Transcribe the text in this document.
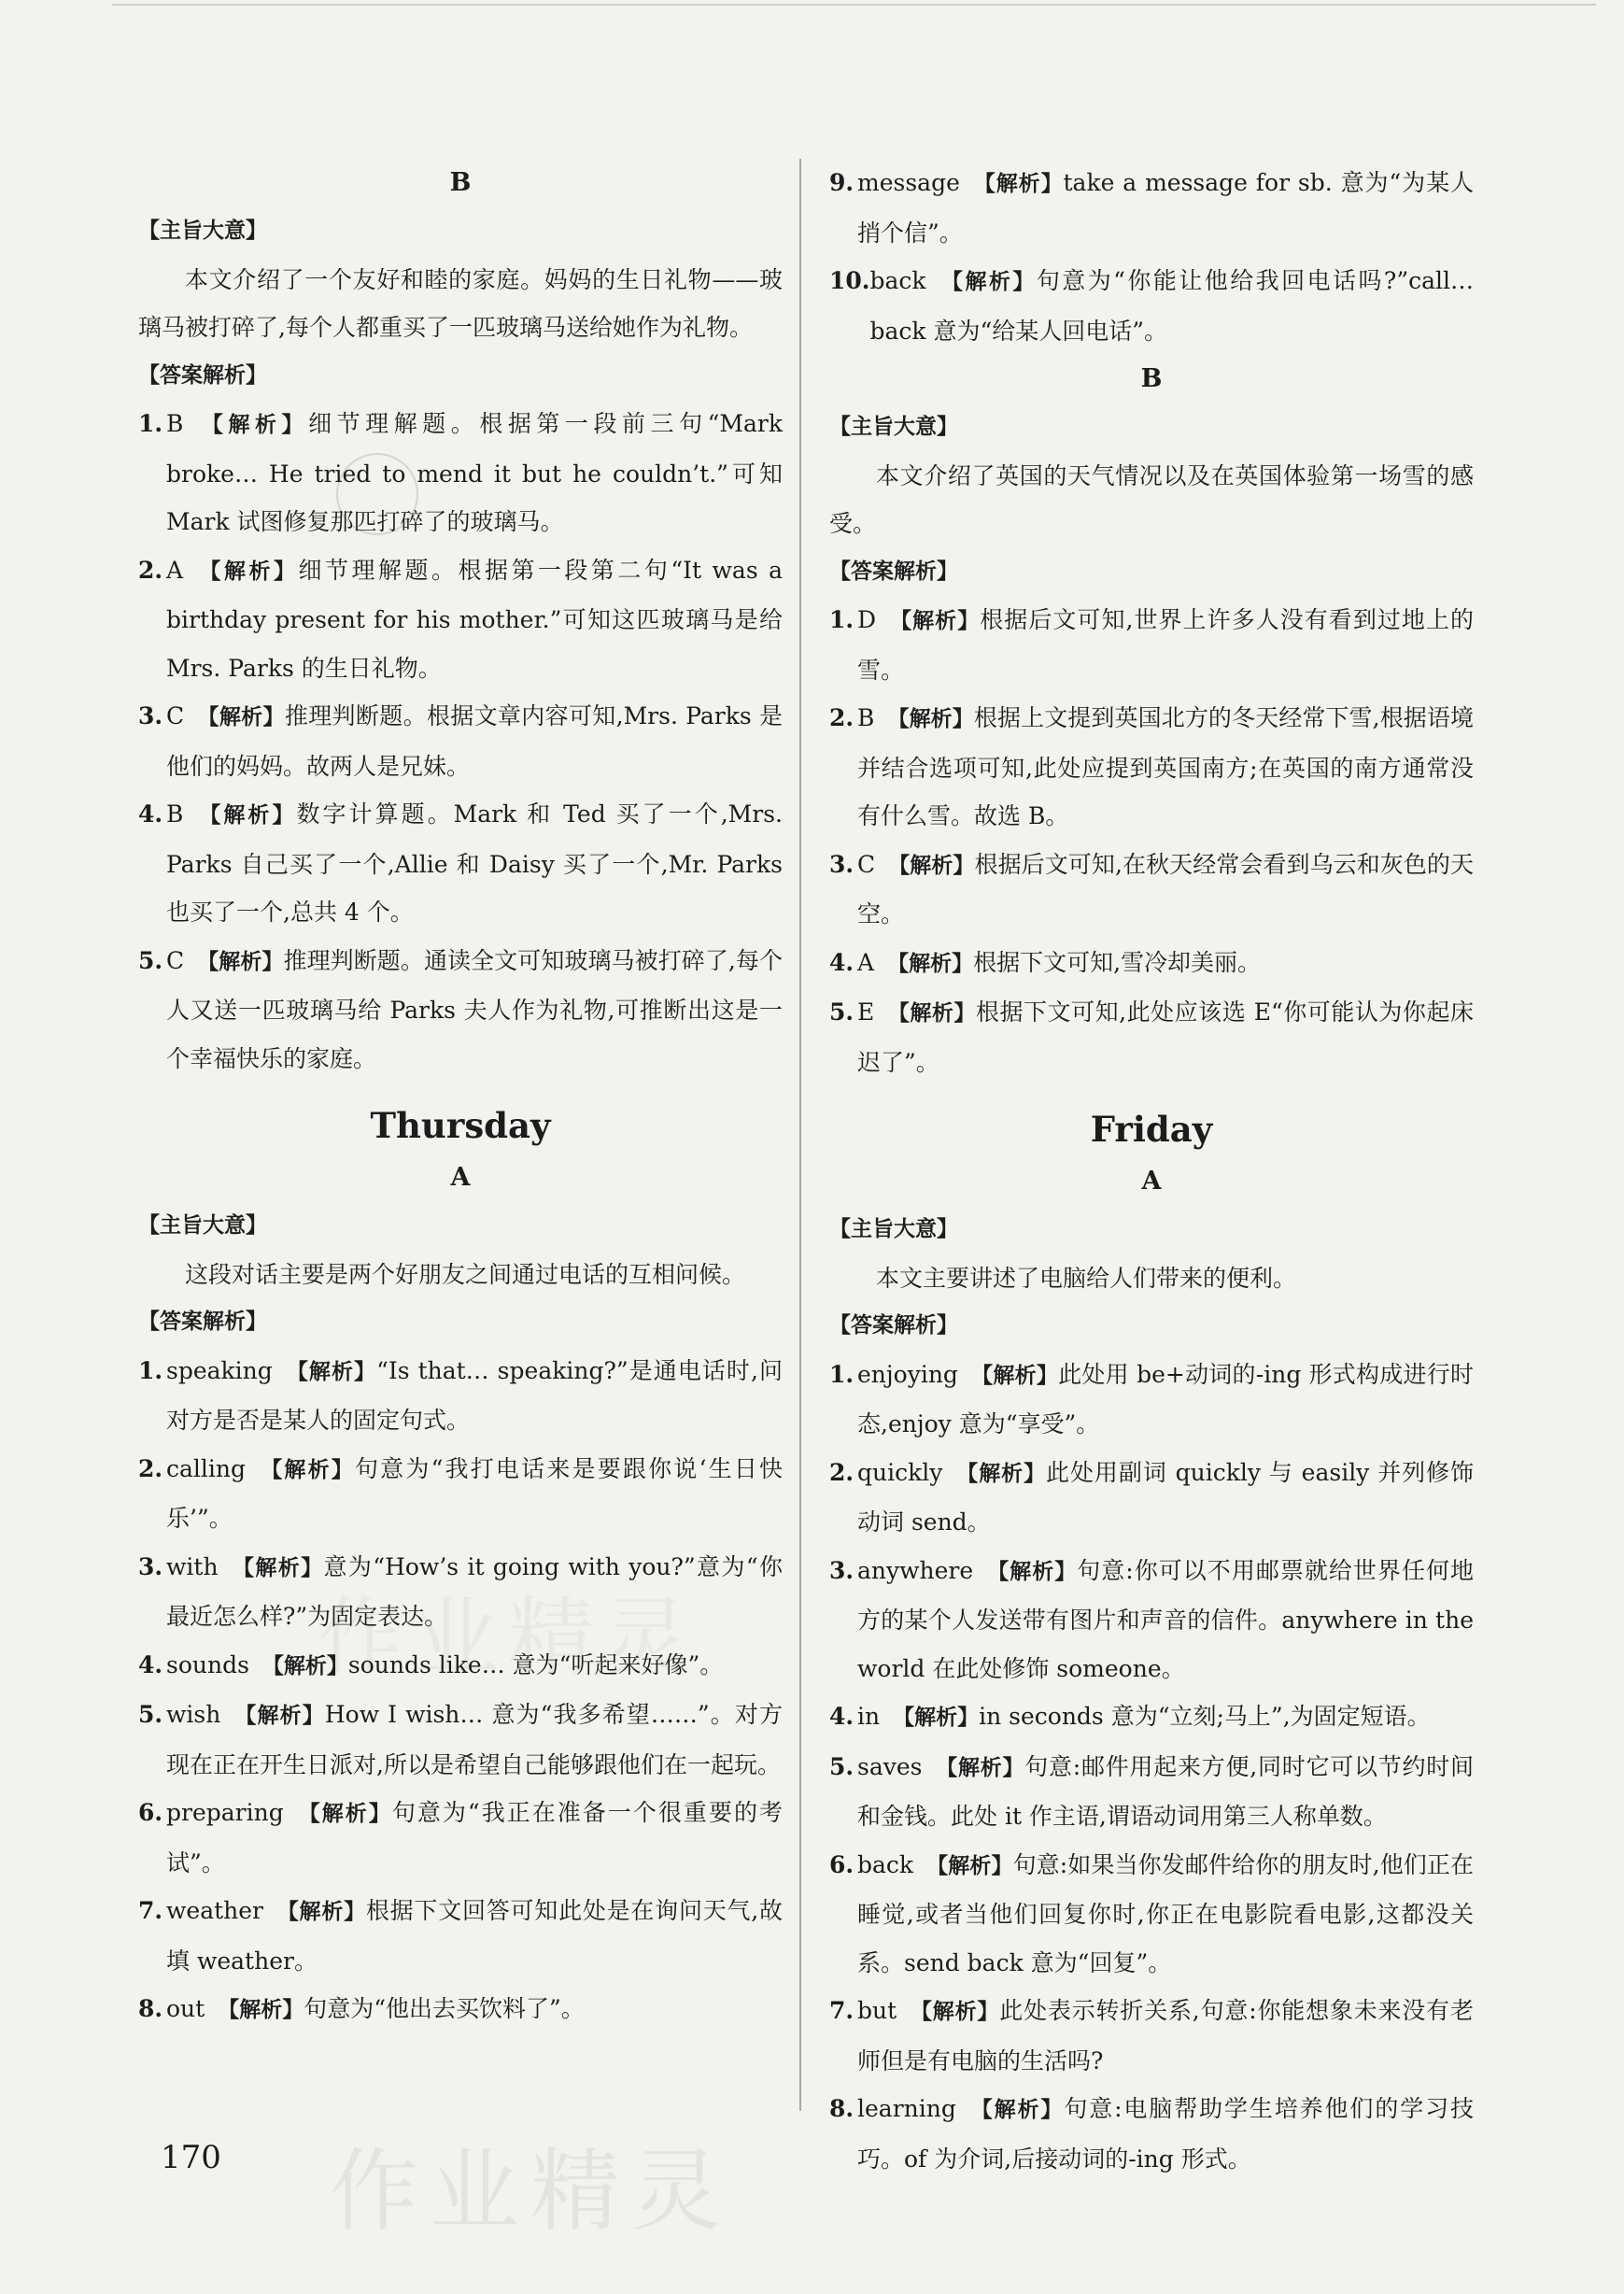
B
【主旨大意】
本文介绍了一个友好和睦的家庭。妈妈的生日礼物——玻璃马被打碎了,每个人都重买了一匹玻璃马送给她作为礼物。
【答案解析】
1. B 【解析】细节理解题。根据第一段前三句“Mark broke… He tried to mend it but he couldn’t.”可知 Mark 试图修复那匹打碎了的玻璃马。
2. A 【解析】细节理解题。根据第一段第二句“It was a birthday present for his mother.”可知这匹玻璃马是给 Mrs. Parks 的生日礼物。
3. C 【解析】推理判断题。根据文章内容可知,Mrs. Parks 是他们的妈妈。故两人是兄妹。
4. B 【解析】数字计算题。Mark 和 Ted 买了一个,Mrs. Parks 自己买了一个,Allie 和 Daisy 买了一个,Mr. Parks 也买了一个,总共 4 个。
5. C 【解析】推理判断题。通读全文可知玻璃马被打碎了,每个人又送一匹玻璃马给 Parks 夫人作为礼物,可推断出这是一个幸福快乐的家庭。
Thursday
A
【主旨大意】
这段对话主要是两个好朋友之间通过电话的互相问候。
【答案解析】
1. speaking 【解析】“Is that… speaking?”是通电话时,问对方是否是某人的固定句式。
2. calling 【解析】句意为“我打电话来是要跟你说‘生日快乐’”。
3. with 【解析】意为“How’s it going with you?”意为“你最近怎么样?”为固定表达。
4. sounds 【解析】sounds like… 意为“听起来好像”。
5. wish 【解析】How I wish… 意为“我多希望……”。对方现在正在开生日派对,所以是希望自己能够跟他们在一起玩。
6. preparing 【解析】句意为“我正在准备一个很重要的考试”。
7. weather 【解析】根据下文回答可知此处是在询问天气,故填 weather。
8. out 【解析】句意为“他出去买饮料了”。
9. message 【解析】take a message for sb. 意为“为某人捎个信”。
10. back 【解析】句意为“你能让他给我回电话吗?”call… back 意为“给某人回电话”。
B
【主旨大意】
本文介绍了英国的天气情况以及在英国体验第一场雪的感受。
【答案解析】
1. D 【解析】根据后文可知,世界上许多人没有看到过地上的雪。
2. B 【解析】根据上文提到英国北方的冬天经常下雪,根据语境并结合选项可知,此处应提到英国南方;在英国的南方通常没有什么雪。故选 B。
3. C 【解析】根据后文可知,在秋天经常会看到乌云和灰色的天空。
4. A 【解析】根据下文可知,雪冷却美丽。
5. E 【解析】根据下文可知,此处应该选 E“你可能认为你起床迟了”。
Friday
A
【主旨大意】
本文主要讲述了电脑给人们带来的便利。
【答案解析】
1. enjoying 【解析】此处用 be+动词的-ing 形式构成进行时态,enjoy 意为“享受”。
2. quickly 【解析】此处用副词 quickly 与 easily 并列修饰动词 send。
3. anywhere 【解析】句意:你可以不用邮票就给世界任何地方的某个人发送带有图片和声音的信件。anywhere in the world 在此处修饰 someone。
4. in 【解析】in seconds 意为“立刻;马上”,为固定短语。
5. saves 【解析】句意:邮件用起来方便,同时它可以节约时间和金钱。此处 it 作主语,谓语动词用第三人称单数。
6. back 【解析】句意:如果当你发邮件给你的朋友时,他们正在睡觉,或者当他们回复你时,你正在电影院看电影,这都没关系。send back 意为“回复”。
7. but 【解析】此处表示转折关系,句意:你能想象未来没有老师但是有电脑的生活吗?
8. learning 【解析】句意:电脑帮助学生培养他们的学习技巧。of 为介词,后接动词的-ing 形式。
170 作业精灵
